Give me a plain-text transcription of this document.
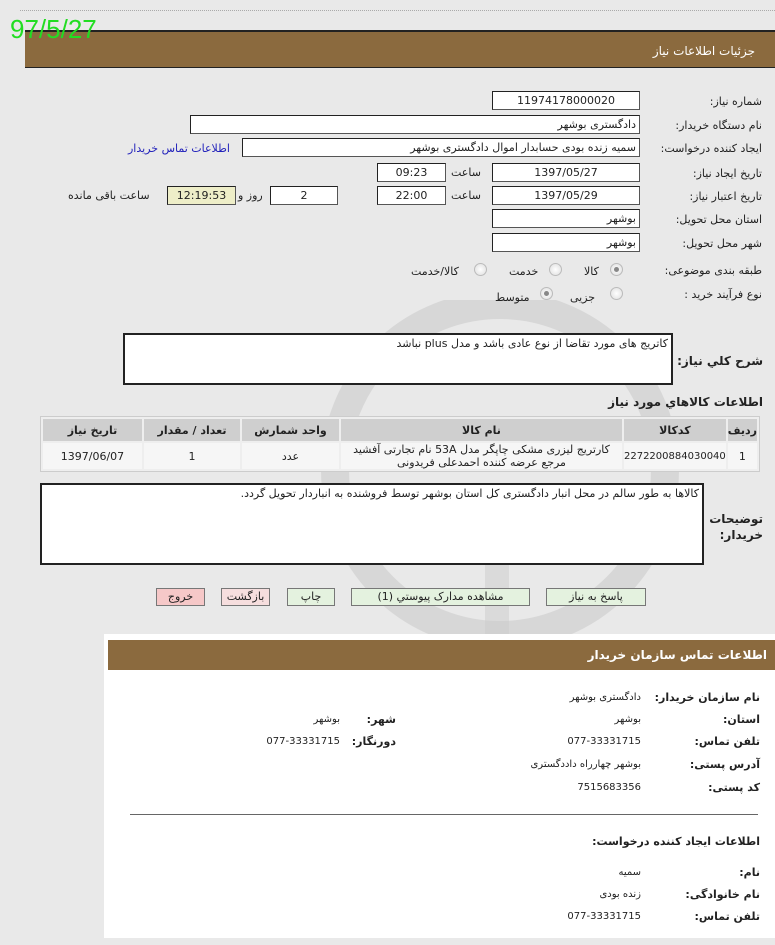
جزئیات اطلاعات نیاز
97/5/27
شماره نیاز:
11974178000020
نام دستگاه خریدار:
دادگستری بوشهر
ایجاد کننده درخواست:
سمیه زنده بودی حسابدار اموال دادگستری بوشهر
اطلاعات تماس خریدار
تاریخ ایجاد نیاز:
1397/05/27
ساعت
09:23
تاریخ اعتبار نیاز:
1397/05/29
ساعت
22:00
2
روز و
12:19:53
ساعت باقی مانده
استان محل تحویل:
بوشهر
شهر محل تحویل:
بوشهر
طبقه بندی موضوعی:
کالا
خدمت
کالا/خدمت
نوع فرآیند خرید :
جزیی
متوسط
شرح کلي نياز:
کاتریج های مورد تقاضا از نوع عادی باشد و مدل plus نباشد
اطلاعات کالاهاي مورد نياز
ردیف	کدکالا	نام کالا	واحد شمارش	تعداد / مقدار	تاریخ نیاز
1	2272200884030040	کارتریج لیزری مشکی چاپگر مدل 53A نام تجارتی آفشید
مرجع عرضه کننده احمدعلی فریدونی	عدد	1	1397/06/07
توضیحات خریدار:
کالاها به طور سالم در محل انبار دادگستری کل استان بوشهر توسط فروشنده به انباردار تحویل گردد.
پاسخ به نیاز
مشاهده مدارک پیوستي (1)
چاپ
بازگشت
خروج
اطلاعات تماس سازمان خریدار
نام سازمان خریدار:
دادگستری بوشهر
استان:
بوشهر
شهر:
بوشهر
تلفن تماس:
077-33331715
دورنگار:
077-33331715
آدرس پستی:
بوشهر چهارراه داددگستری
کد پستی:
7515683356
اطلاعات ایجاد کننده درخواست:
نام:
سمیه
نام خانوادگی:
زنده بودی
تلفن تماس:
077-33331715
